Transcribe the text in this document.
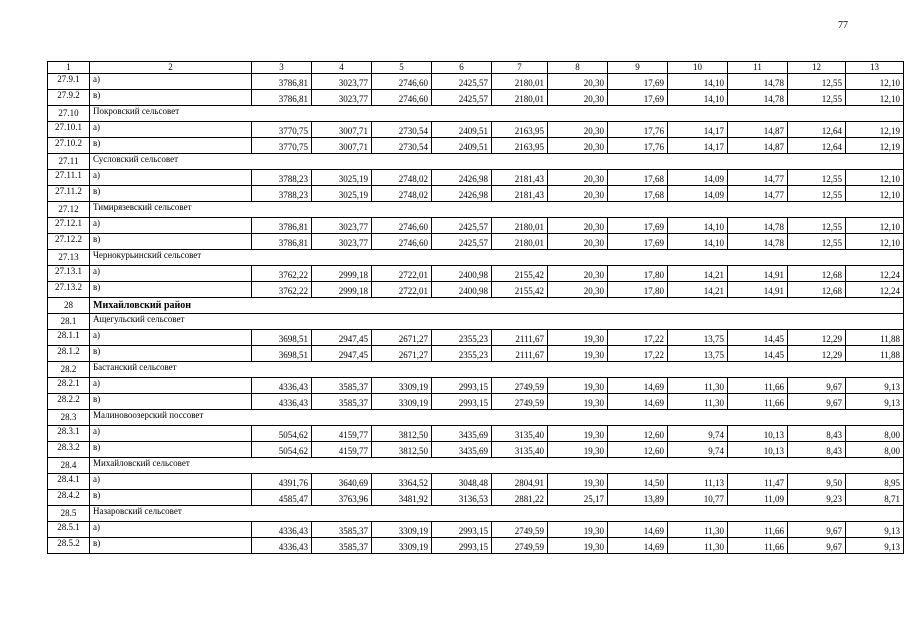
77
1	2	3	4	5	6	7	8	9	10	11	12	13
27.9.1	а)	3786,81	3023,77	2746,60	2425,57	2180,01	20,30	17,69	14,10	14,78	12,55	12,10
27.9.2	в)	3786,81	3023,77	2746,60	2425,57	2180,01	20,30	17,69	14,10	14,78	12,55	12,10
27.10	Покровский сельсовет											
27.10.1	а)	3770,75	3007,71	2730,54	2409,51	2163,95	20,30	17,76	14,17	14,87	12,64	12,19
27.10.2	в)	3770,75	3007,71	2730,54	2409,51	2163,95	20,30	17,76	14,17	14,87	12,64	12,19
27.11	Сусловский сельсовет											
27.11.1	а)	3788,23	3025,19	2748,02	2426,98	2181,43	20,30	17,68	14,09	14,77	12,55	12,10
27.11.2	в)	3788,23	3025,19	2748,02	2426,98	2181,43	20,30	17,68	14,09	14,77	12,55	12,10
27.12	Тимирязевский сельсовет											
27.12.1	а)	3786,81	3023,77	2746,60	2425,57	2180,01	20,30	17,69	14,10	14,78	12,55	12,10
27.12.2	в)	3786,81	3023,77	2746,60	2425,57	2180,01	20,30	17,69	14,10	14,78	12,55	12,10
27.13	Чернокурьинский сельсовет											
27.13.1	а)	3762,22	2999,18	2722,01	2400,98	2155,42	20,30	17,80	14,21	14,91	12,68	12,24
27.13.2	в)	3762,22	2999,18	2722,01	2400,98	2155,42	20,30	17,80	14,21	14,91	12,68	12,24
28	Михайловский район											
28.1	Ащегульский сельсовет											
28.1.1	а)	3698,51	2947,45	2671,27	2355,23	2111,67	19,30	17,22	13,75	14,45	12,29	11,88
28.1.2	в)	3698,51	2947,45	2671,27	2355,23	2111,67	19,30	17,22	13,75	14,45	12,29	11,88
28.2	Бастанский сельсовет											
28.2.1	а)	4336,43	3585,37	3309,19	2993,15	2749,59	19,30	14,69	11,30	11,66	9,67	9,13
28.2.2	в)	4336,43	3585,37	3309,19	2993,15	2749,59	19,30	14,69	11,30	11,66	9,67	9,13
28.3	Малиновоозерский поссовет											
28.3.1	а)	5054,62	4159,77	3812,50	3435,69	3135,40	19,30	12,60	9,74	10,13	8,43	8,00
28.3.2	в)	5054,62	4159,77	3812,50	3435,69	3135,40	19,30	12,60	9,74	10,13	8,43	8,00
28.4	Михайловский сельсовет											
28.4.1	а)	4391,76	3640,69	3364,52	3048,48	2804,91	19,30	14,50	11,13	11,47	9,50	8,95
28.4.2	в)	4585,47	3763,96	3481,92	3136,53	2881,22	25,17	13,89	10,77	11,09	9,23	8,71
28.5	Назаровский сельсовет											
28.5.1	а)	4336,43	3585,37	3309,19	2993,15	2749,59	19,30	14,69	11,30	11,66	9,67	9,13
28.5.2	в)	4336,43	3585,37	3309,19	2993,15	2749,59	19,30	14,69	11,30	11,66	9,67	9,13
